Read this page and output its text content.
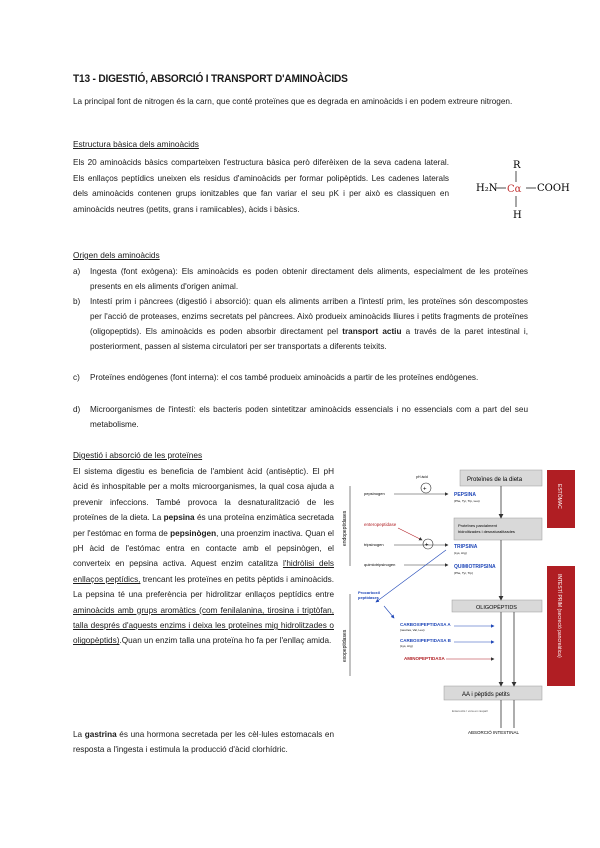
T13 - DIGESTIÓ, ABSORCIÓ I TRANSPORT D'AMINOÀCIDS
La principal font de nitrogen és la carn, que conté proteïnes que es degrada en aminoàcids i en podem extreure nitrogen.
Estructura bàsica dels aminoàcids
Els 20 aminoàcids bàsics comparteixen l'estructura bàsica però diferèixen de la seva cadena lateral. Els enllaços peptídics uneixen els residus d'aminoàcids per formar polipèptids. Les cadenes laterals dels aminoàcids contenen grups ionitzables que fan variar el seu pK i per això es classiquen en aminoàcids neutres (petits, grans i ramiicables), àcids i bàsics.
R
H₂N Cα COOH
H
Origen dels aminoàcids
a) Ingesta (font exògena): Els aminoàcids es poden obtenir directament dels aliments, especialment de les proteïnes presents en els aliments d'origen animal.
b) Intestí prim i pàncrees (digestió i absorció): quan els aliments arriben a l'intestí prim, les proteïnes són descompostes per l'acció de proteases, enzims secretats pel pàncrees. Això produeix aminoàcids lliures i petits fragments de proteïnes (oligopeptids). Els aminoàcids es poden absorbir directament pel transport actiu a través de la paret intestinal i, posteriorment, passen al sistema circulatori per ser transportats a diferents teixits.
c) Proteïnes endògenes (font interna): el cos també produeix aminoàcids a partir de les proteïnes endògenes.
d) Microorganismes de l'intestí: els bacteris poden sintetitzar aminoàcids essencials i no essencials com a part del seu metabolisme.
Digestió i absorció de les proteïnes
El sistema digestiu es beneficia de l'ambient àcid (antisèptic). El pH àcid és inhospitable per a molts microorganismes, la qual cosa ajuda a prevenir infeccions. També provoca la desnaturalització de les proteïnes de la dieta. La pepsina és una proteïna enzimàtica secretada per l'estómac en forma de pepsinògen, una proenzim inactiva. Quan el pH àcid de l'estómac entra en contacte amb el pepsinògen, el converteix en pepsina activa. Aquest enzim catalitza l'hidròlisi dels enllaços peptídics, trencant les proteïnes en petits pèptids i aminoàcids. La pepsina té una preferència per hidrolitzar enllaços peptídics entre aminoàcids amb grups aromàtics (com fenilalanina, tirosina i triptòfan, talla després d'aquests enzims i deixa les proteïnes mig hidrolitzades o oligopèptids).Quan un enzim talla una proteïna ho fa per l'enllaç amida.
La gastrina és una hormona secretada per les cèl·lules estomacals en resposta a l'ingesta i estimula la producció d'àcid clorhídric.
ESTÓMAC
INTESTÍ PRIM (secreció pancreàtica)
Proteïnes de la dieta
Proteïnes parcialment hidrolitzades i desnaturalitzades
OLIGOPÈPTIDS
AA i pèptids petits
endopeptidases
exopeptidases
+
pH àcid
pepsinogen	PEPSINA
(Phe, Tyr, Trp, Leu)
enteropeptidase
+
tripsinogen	TRIPSINA
(Lys, Arg)
quimiotripsinogen	QUIMIOTRIPSINA
(Phe, Tyr, Trp)
Procarboxil peptidases
CARBOXIPEPTIDASA A
(neutres, Val, Leu)
CARBOXIPEPTIDASA B
(Lys, Arg)
AMINOPEPTIDASA
Enterocits / vora en raspall
ABSORCIÓ INTESTINAL
